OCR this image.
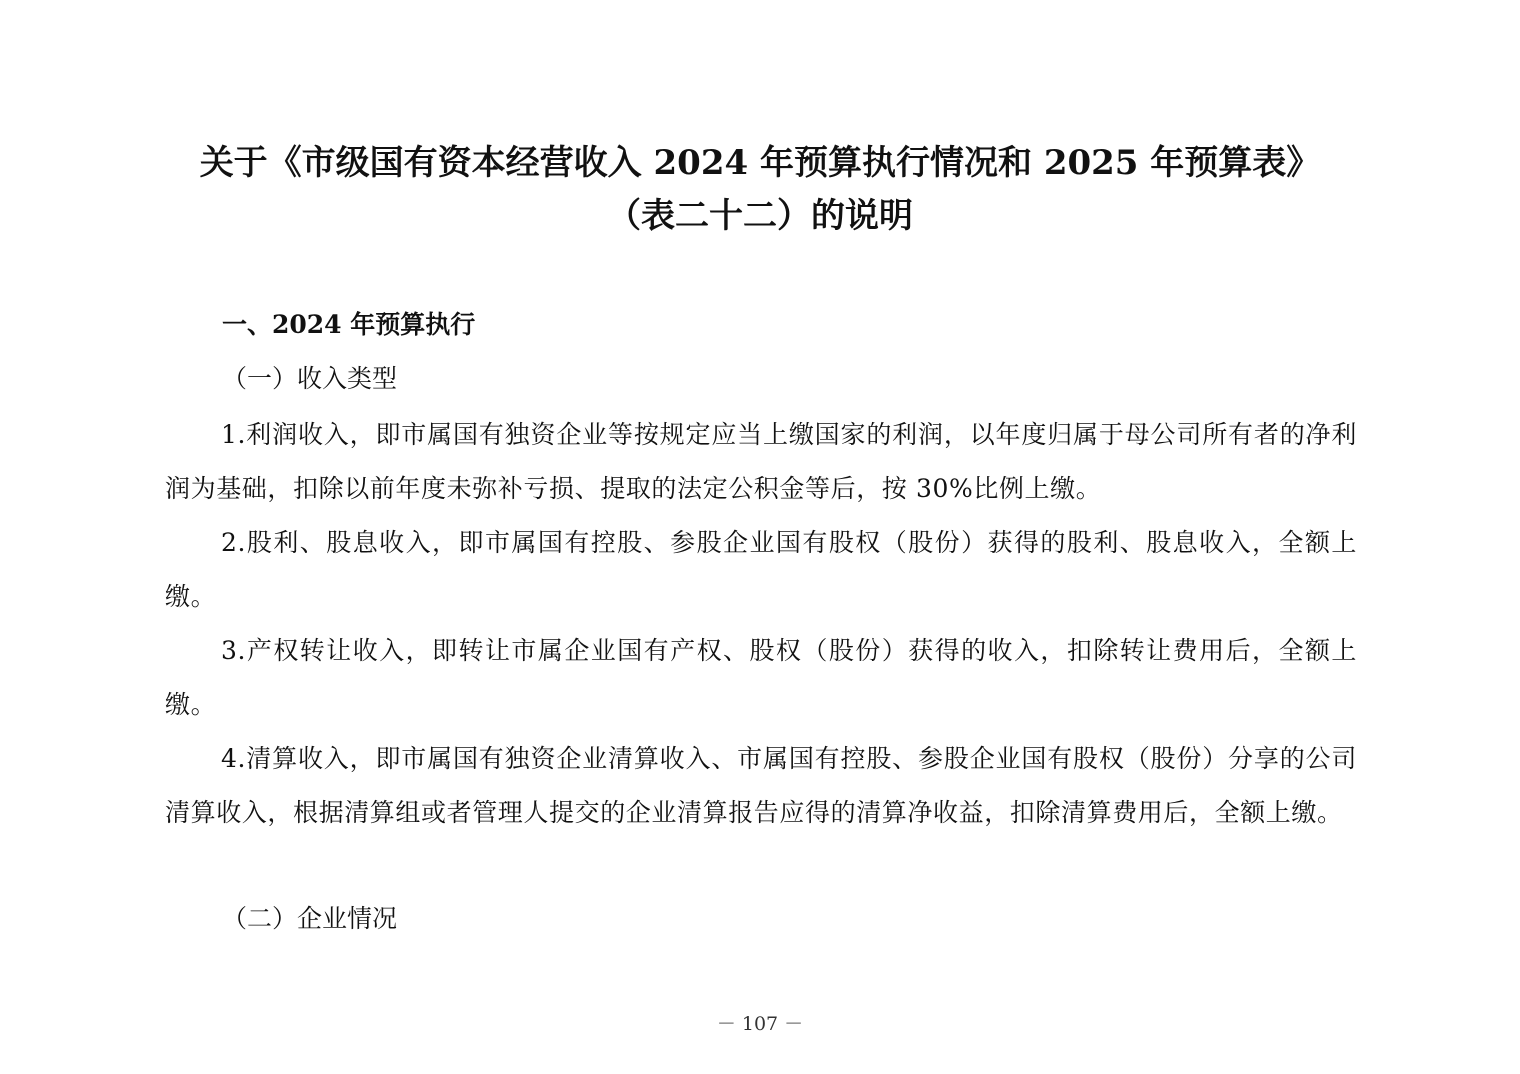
关于《市级国有资本经营收入 2024 年预算执行情况和 2025 年预算表》
（表二十二）的说明
一、2024 年预算执行
（一）收入类型
1.利润收入，即市属国有独资企业等按规定应当上缴国家的利润，以年度归属于母公司所有者的净利润为基础，扣除以前年度未弥补亏损、提取的法定公积金等后，按 30%比例上缴。
2.股利、股息收入，即市属国有控股、参股企业国有股权（股份）获得的股利、股息收入，全额上缴。
3.产权转让收入，即转让市属企业国有产权、股权（股份）获得的收入，扣除转让费用后，全额上缴。
4.清算收入，即市属国有独资企业清算收入、市属国有控股、参股企业国有股权（股份）分享的公司清算收入，根据清算组或者管理人提交的企业清算报告应得的清算净收益，扣除清算费用后，全额上缴。
（二）企业情况
－ 107 －
